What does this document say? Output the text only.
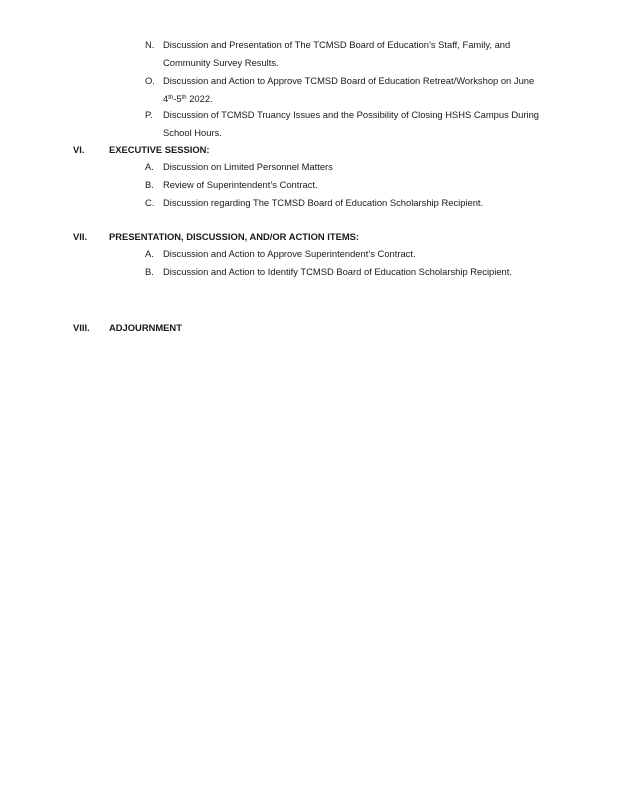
N. Discussion and Presentation of The TCMSD Board of Education’s Staff, Family, and
Community Survey Results.
O. Discussion and Action to Approve TCMSD Board of Education Retreat/Workshop on June
4th-5th 2022.
P. Discussion of TCMSD Truancy Issues and the Possibility of Closing HSHS Campus During
School Hours.
VI.	EXECUTIVE SESSION:
A. Discussion on Limited Personnel Matters
B. Review of Superintendent’s Contract.
C. Discussion regarding The TCMSD Board of Education Scholarship Recipient.
VII. PRESENTATION, DISCUSSION, AND/OR ACTION ITEMS:
A. Discussion and Action to Approve Superintendent’s Contract.
B. Discussion and Action to Identify TCMSD Board of Education Scholarship Recipient.
VIII. ADJOURNMENT
